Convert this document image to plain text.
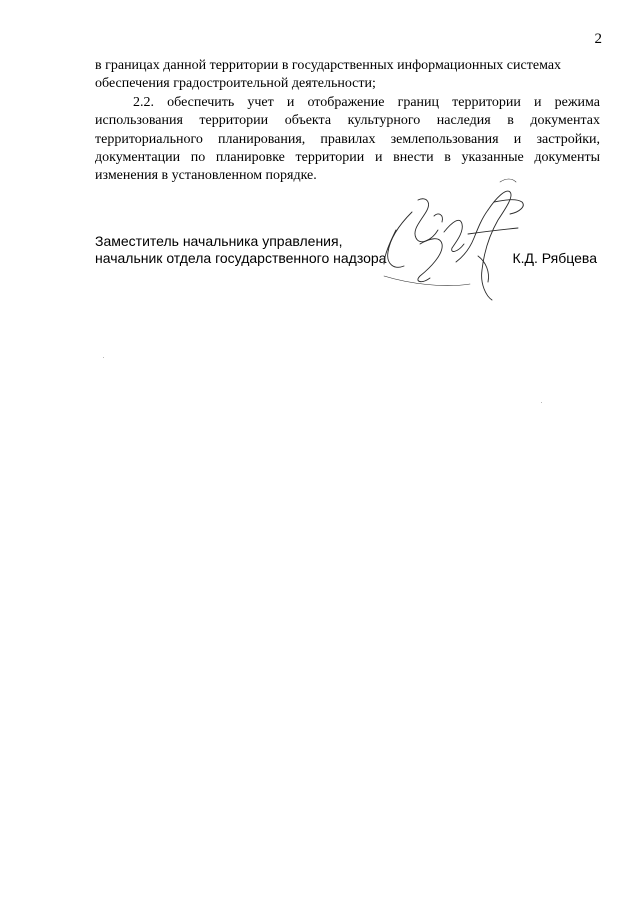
2

в границах данной территории в государственных информационных системах обеспечения градостроительной деятельности;

2.2. обеспечить учет и отображение границ территории и режима использования территории объекта культурного наследия в документах территориального планирования, правилах землепользования и застройки, документации по планировке территории и внести в указанные документы изменения в установленном порядке.

Заместитель начальника управления,
начальник отдела государственного надзора	К.Д. Рябцева
